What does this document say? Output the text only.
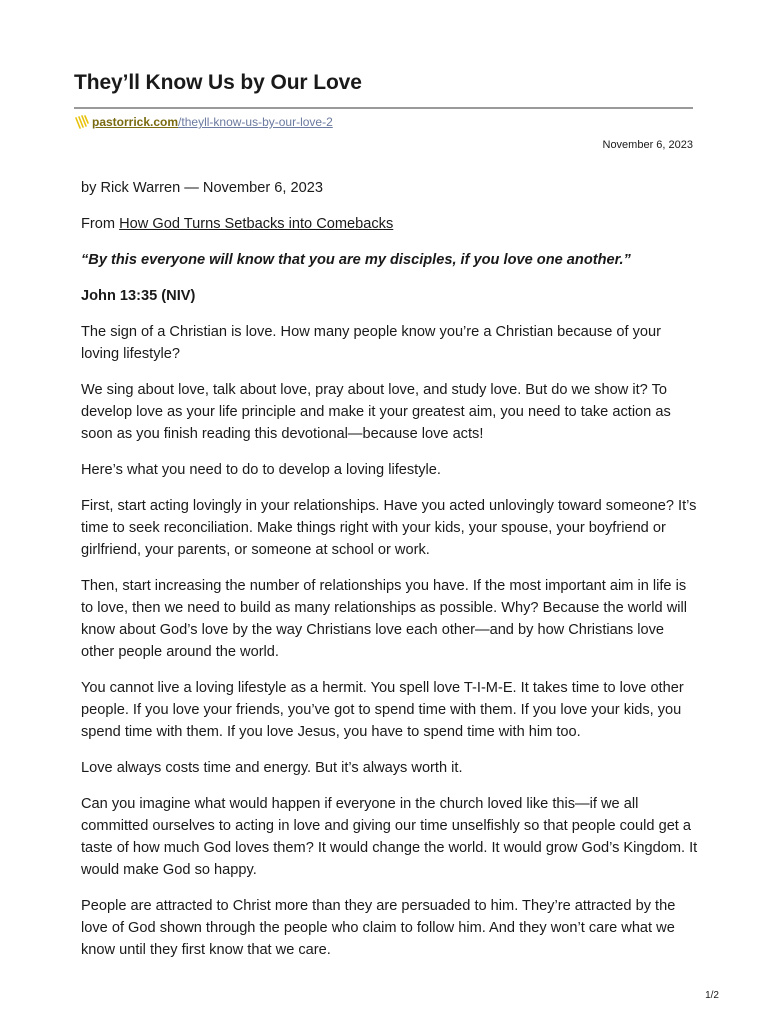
They’ll Know Us by Our Love
pastorrick.com /theyll-know-us-by-our-love-2
November 6, 2023

by Rick Warren — November 6, 2023

From How God Turns Setbacks into Comebacks

“By this everyone will know that you are my disciples, if you love one another.”

John 13:35 (NIV)

The sign of a Christian is love. How many people know you’re a Christian because of your loving lifestyle?

We sing about love, talk about love, pray about love, and study love. But do we show it? To develop love as your life principle and make it your greatest aim, you need to take action as soon as you finish reading this devotional—because love acts!

Here’s what you need to do to develop a loving lifestyle.

First, start acting lovingly in your relationships. Have you acted unlovingly toward someone? It’s time to seek reconciliation. Make things right with your kids, your spouse, your boyfriend or girlfriend, your parents, or someone at school or work.

Then, start increasing the number of relationships you have. If the most important aim in life is to love, then we need to build as many relationships as possible. Why? Because the world will know about God’s love by the way Christians love each other—and by how Christians love other people around the world.

You cannot live a loving lifestyle as a hermit. You spell love T-I-M-E. It takes time to love other people. If you love your friends, you’ve got to spend time with them. If you love your kids, you spend time with them. If you love Jesus, you have to spend time with him too.

Love always costs time and energy. But it’s always worth it.

Can you imagine what would happen if everyone in the church loved like this—if we all committed ourselves to acting in love and giving our time unselfishly so that people could get a taste of how much God loves them? It would change the world. It would grow God’s Kingdom. It would make God so happy.

People are attracted to Christ more than they are persuaded to him. They’re attracted by the love of God shown through the people who claim to follow him. And they won’t care what we know until they first know that we care.

1/2
